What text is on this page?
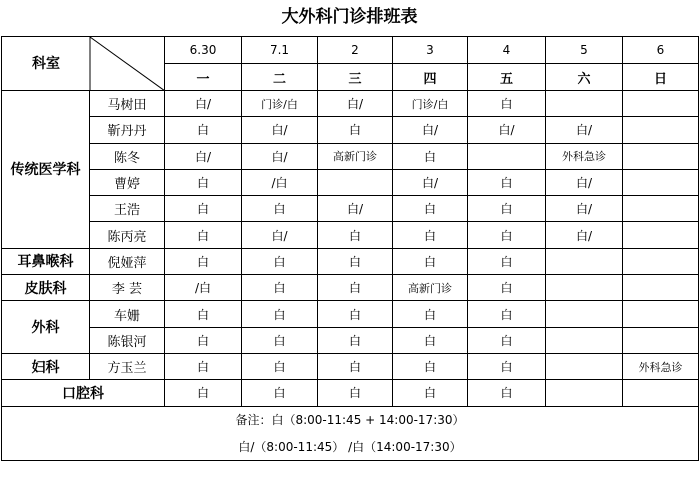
大外科门诊排班表
科室		6.30	7.1	2	3	4	5	6
		一	二	三	四	五	六	日
传统医学科	马树田	白/	门诊/白	白/	门诊/白	白		
	靳丹丹	白	白/	白	白/	白/	白/	
	陈冬	白/	白/	高新门诊	白		外科急诊	
	曹婷	白	/白		白/	白	白/	
	王浩	白	白	白/	白	白	白/	
	陈丙亮	白	白/	白	白	白	白/	
耳鼻喉科	倪娅萍	白	白	白	白	白		
皮肤科	李 芸	/白	白	白	高新门诊	白		
外科	车姗	白	白	白	白	白		
	陈银河	白	白	白	白	白		
妇科	方玉兰	白	白	白	白	白		外科急诊
口腔科		白	白	白	白	白		
备注：白（8:00-11:45 + 14:00-17:30）								
白/（8:00-11:45） /白（14:00-17:30）								
